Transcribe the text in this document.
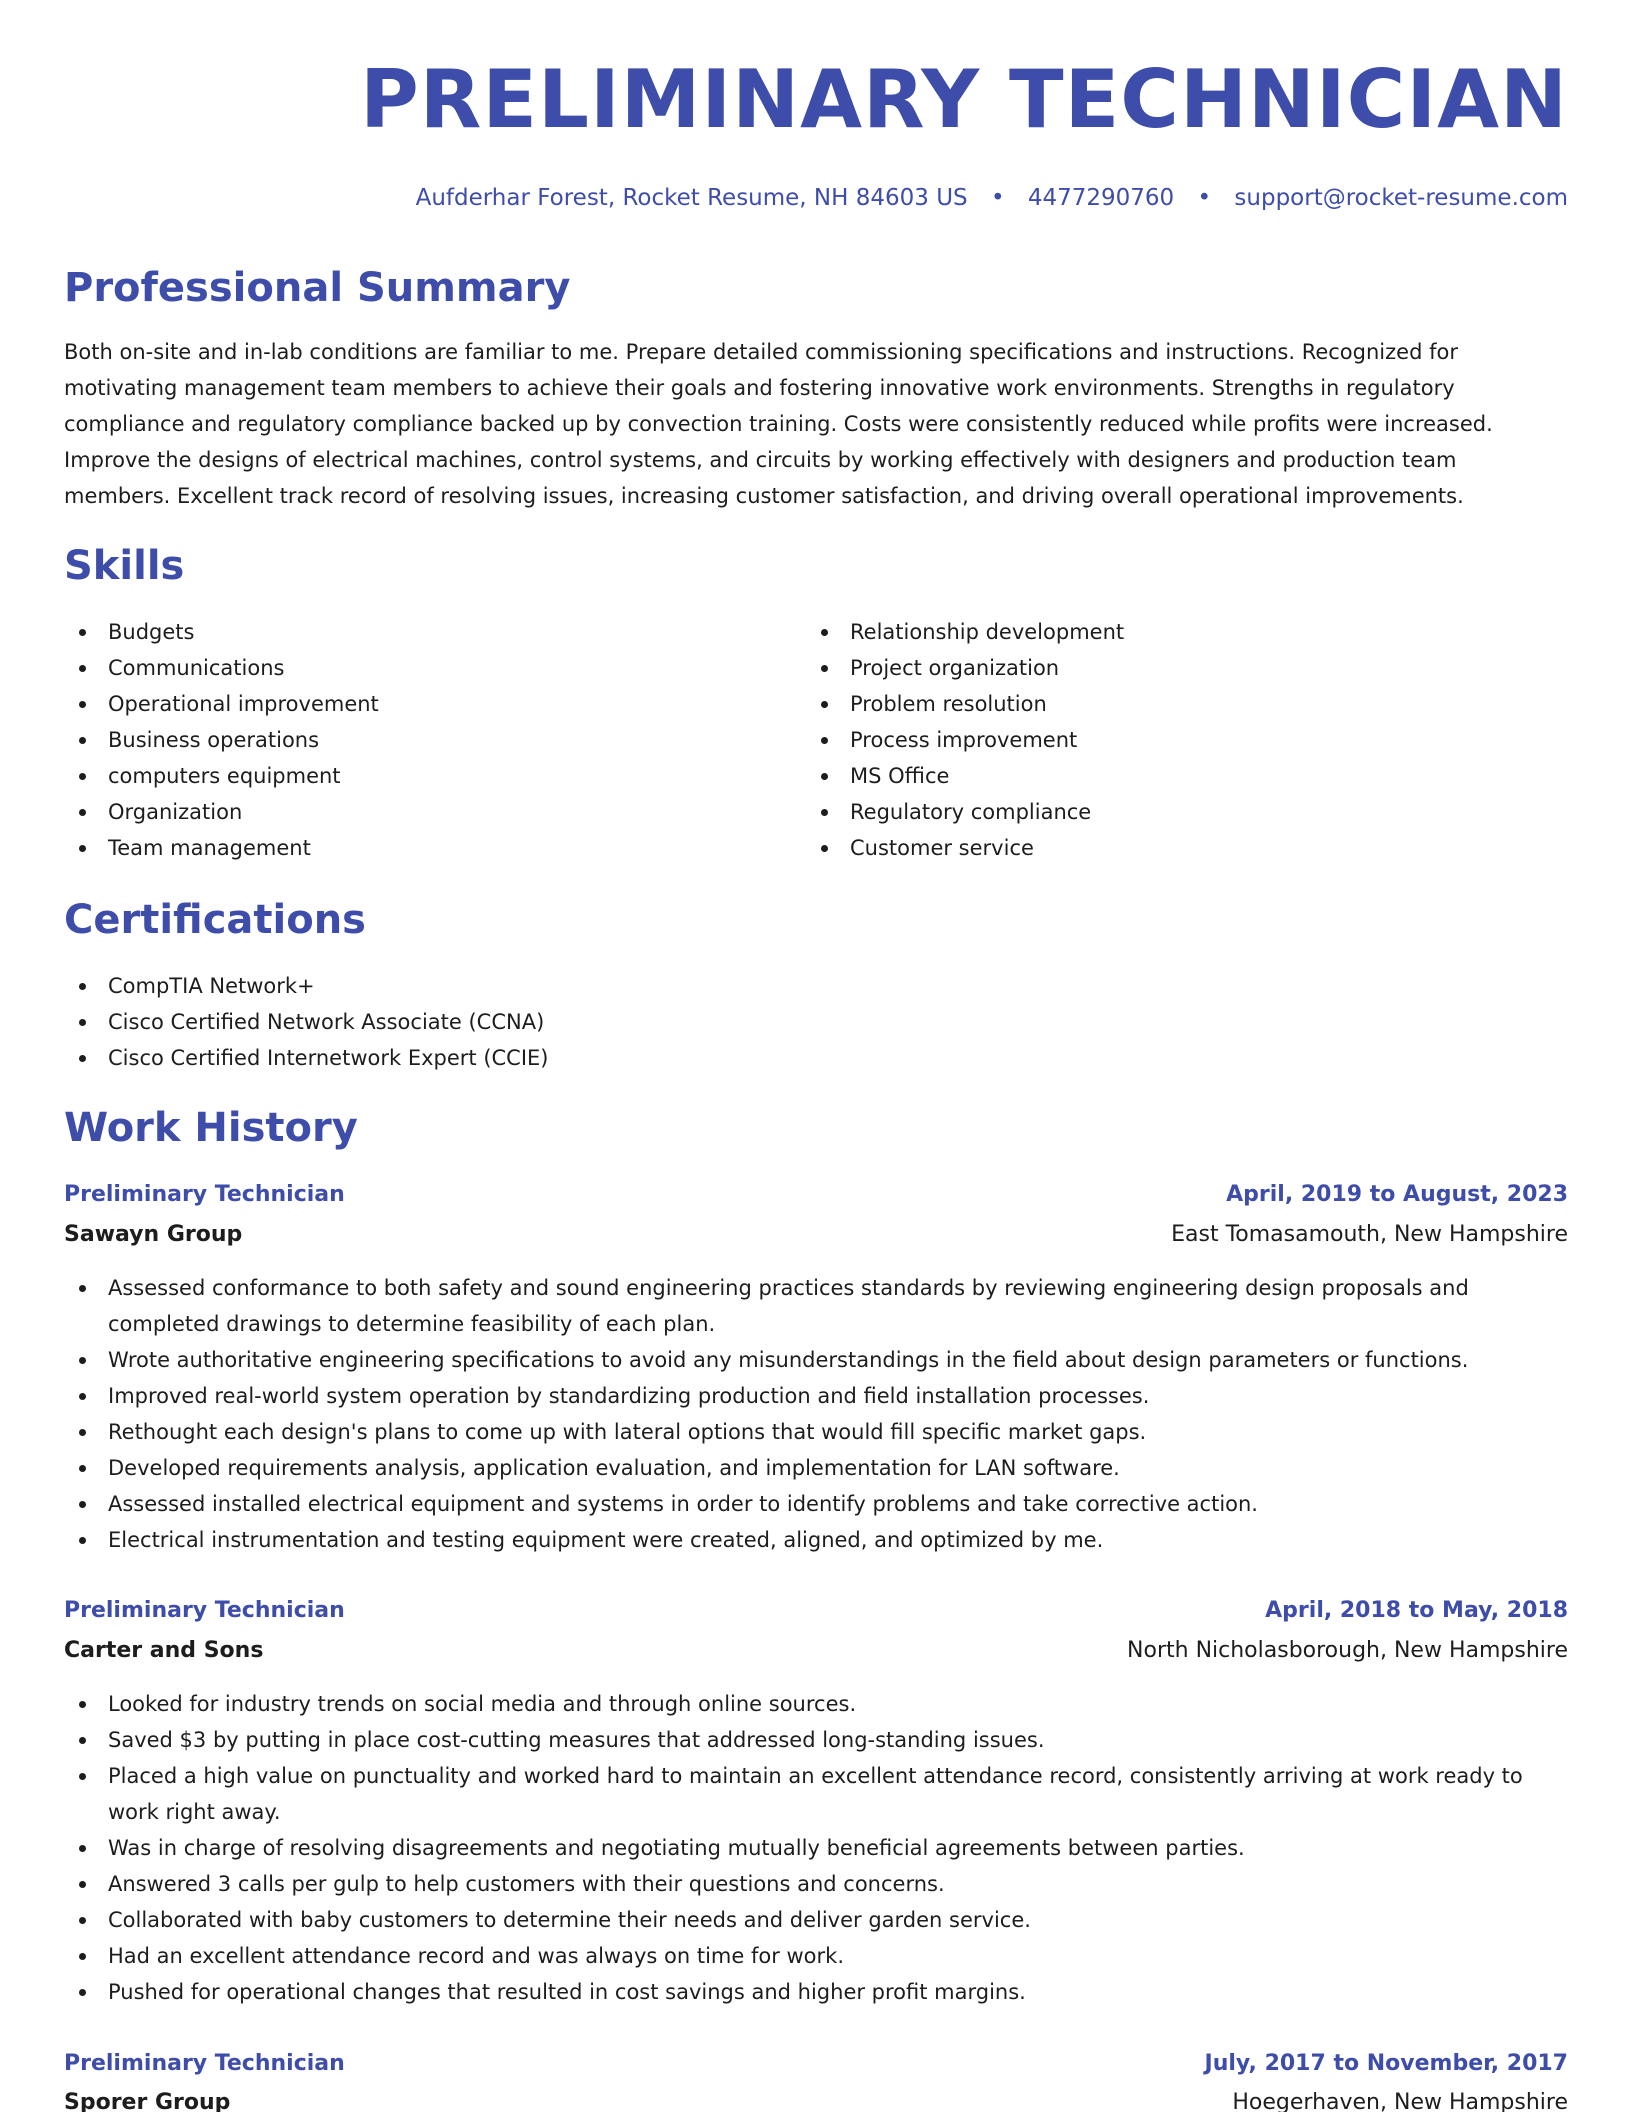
PRELIMINARY TECHNICIAN
Aufderhar Forest, Rocket Resume, NH 84603 US • 4477290760 • support@rocket-resume.com
Professional Summary

Both on-site and in-lab conditions are familiar to me. Prepare detailed commissioning specifications and instructions. Recognized for motivating management team members to achieve their goals and fostering innovative work environments. Strengths in regulatory compliance and regulatory compliance backed up by convection training. Costs were consistently reduced while profits were increased. Improve the designs of electrical machines, control systems, and circuits by working effectively with designers and production team members. Excellent track record of resolving issues, increasing customer satisfaction, and driving overall operational improvements.

Skills
Budgets
Communications
Operational improvement
Business operations
computers equipment
Organization
Team management
Relationship development
Project organization
Problem resolution
Process improvement
MS Office
Regulatory compliance
Customer service
Certifications
CompTIA Network+
Cisco Certified Network Associate (CCNA)
Cisco Certified Internetwork Expert (CCIE)
Work History
Preliminary Technician	April, 2019 to August, 2023
Sawayn Group	East Tomasamouth, New Hampshire
Assessed conformance to both safety and sound engineering practices standards by reviewing engineering design proposals and completed drawings to determine feasibility of each plan.
Wrote authoritative engineering specifications to avoid any misunderstandings in the field about design parameters or functions.
Improved real-world system operation by standardizing production and field installation processes.
Rethought each design's plans to come up with lateral options that would fill specific market gaps.
Developed requirements analysis, application evaluation, and implementation for LAN software.
Assessed installed electrical equipment and systems in order to identify problems and take corrective action.
Electrical instrumentation and testing equipment were created, aligned, and optimized by me.
Preliminary Technician	April, 2018 to May, 2018
Carter and Sons	North Nicholasborough, New Hampshire
Looked for industry trends on social media and through online sources.
Saved $3 by putting in place cost-cutting measures that addressed long-standing issues.
Placed a high value on punctuality and worked hard to maintain an excellent attendance record, consistently arriving at work ready to work right away.
Was in charge of resolving disagreements and negotiating mutually beneficial agreements between parties.
Answered 3 calls per gulp to help customers with their questions and concerns.
Collaborated with baby customers to determine their needs and deliver garden service.
Had an excellent attendance record and was always on time for work.
Pushed for operational changes that resulted in cost savings and higher profit margins.
Preliminary Technician	July, 2017 to November, 2017
Sporer Group	Hoegerhaven, New Hampshire
